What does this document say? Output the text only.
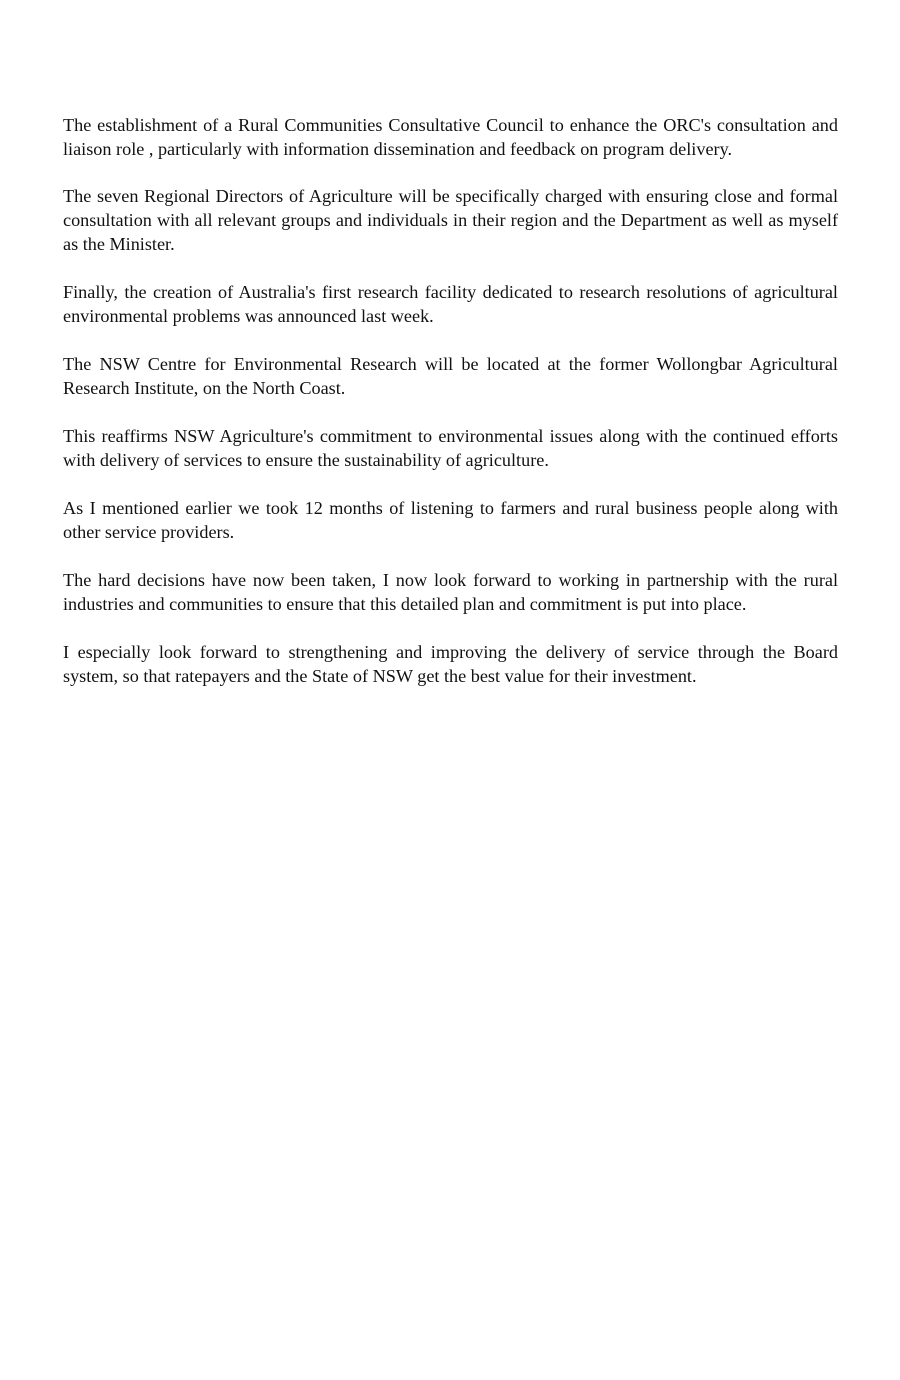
The establishment of a Rural Communities Consultative Council to enhance the ORC's consultation and liaison role , particularly with information dissemination and feedback on program delivery.

The seven Regional Directors of Agriculture will be specifically charged with ensuring close and formal consultation with all relevant groups and individuals in their region and the Department as well as myself as the Minister.

Finally, the creation of Australia's first research facility dedicated to research resolutions of agricultural environmental problems was announced last week.

The NSW Centre for Environmental Research will be located at the former Wollongbar Agricultural Research Institute, on the North Coast.

This reaffirms NSW Agriculture's commitment to environmental issues along with the continued efforts with delivery of services to ensure the sustainability of agriculture.

As I mentioned earlier we took 12 months of listening to farmers and rural business people along with other service providers.

The hard decisions have now been taken, I now look forward to working in partnership with the rural industries and communities to ensure that this detailed plan and commitment is put into place.

I especially look forward to strengthening and improving the delivery of service through the Board system, so that ratepayers and the State of NSW get the best value for their investment.
